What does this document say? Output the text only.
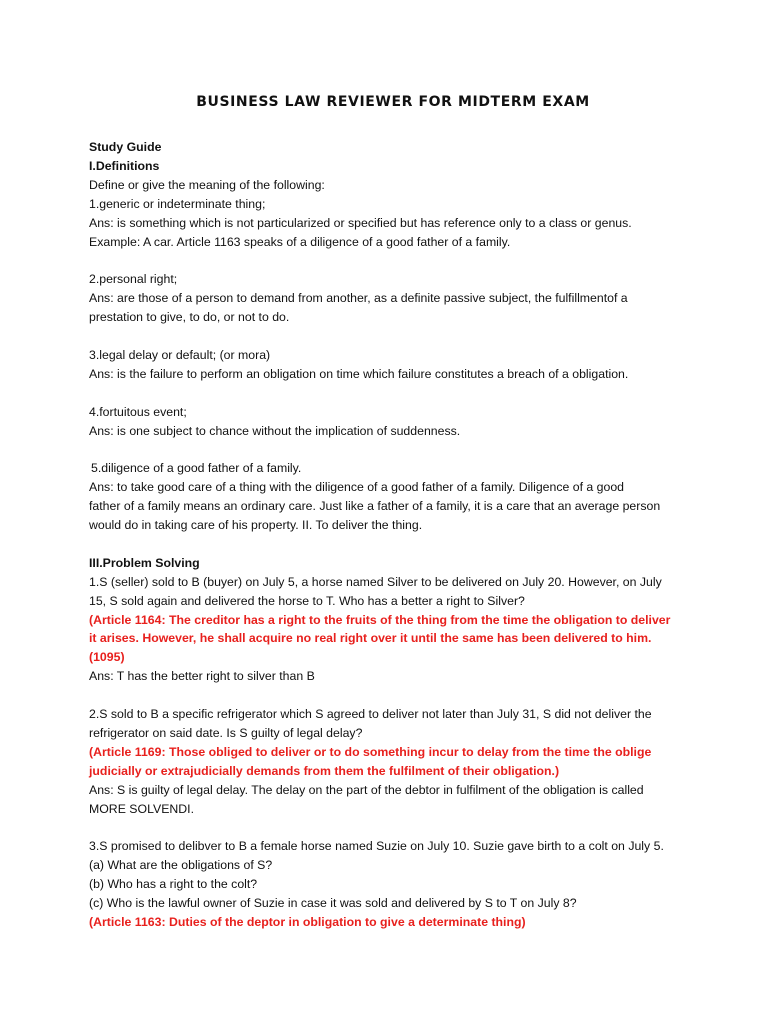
BUSINESS LAW REVIEWER FOR MIDTERM EXAM
Study Guide
I.Definitions
Define or give the meaning of the following:
1.generic or indeterminate thing;
Ans: is something which is not particularized or specified but has reference only to a class or genus.
Example: A car. Article 1163 speaks of a diligence of a good father of a family.
2.personal right;
Ans: are those of a person to demand from another, as a definite passive subject, the fulfillmentof a
prestation to give, to do, or not to do.
3.legal delay or default; (or mora)
Ans: is the failure to perform an obligation on time which failure constitutes a breach of a obligation.
4.fortuitous event;
Ans: is one subject to chance without the implication of suddenness.
5.diligence of a good father of a family.
Ans: to take good care of a thing with the diligence of a good father of a family. Diligence of a good
father of a family means an ordinary care. Just like a father of a family, it is a care that an average person
would do in taking care of his property. II. To deliver the thing.
III.Problem Solving
1.S (seller) sold to B (buyer) on July 5, a horse named Silver to be delivered on July 20. However, on July
15, S sold again and delivered the horse to T. Who has a better a right to Silver?
(Article 1164: The creditor has a right to the fruits of the thing from the time the obligation to deliver
it arises. However, he shall acquire no real right over it until the same has been delivered to him.
(1095)
Ans: T has the better right to silver than B
2.S sold to B a specific refrigerator which S agreed to deliver not later than July 31, S did not deliver the
refrigerator on said date. Is S guilty of legal delay?
(Article 1169: Those obliged to deliver or to do something incur to delay from the time the oblige
judicially or extrajudicially demands from them the fulfilment of their obligation.)
Ans: S is guilty of legal delay. The delay on the part of the debtor in fulfilment of the obligation is called
MORE SOLVENDI.
3.S promised to delibver to B a female horse named Suzie on July 10. Suzie gave birth to a colt on July 5.
(a) What are the obligations of S?
(b) Who has a right to the colt?
(c) Who is the lawful owner of Suzie in case it was sold and delivered by S to T on July 8?
(Article 1163: Duties of the deptor in obligation to give a determinate thing)
